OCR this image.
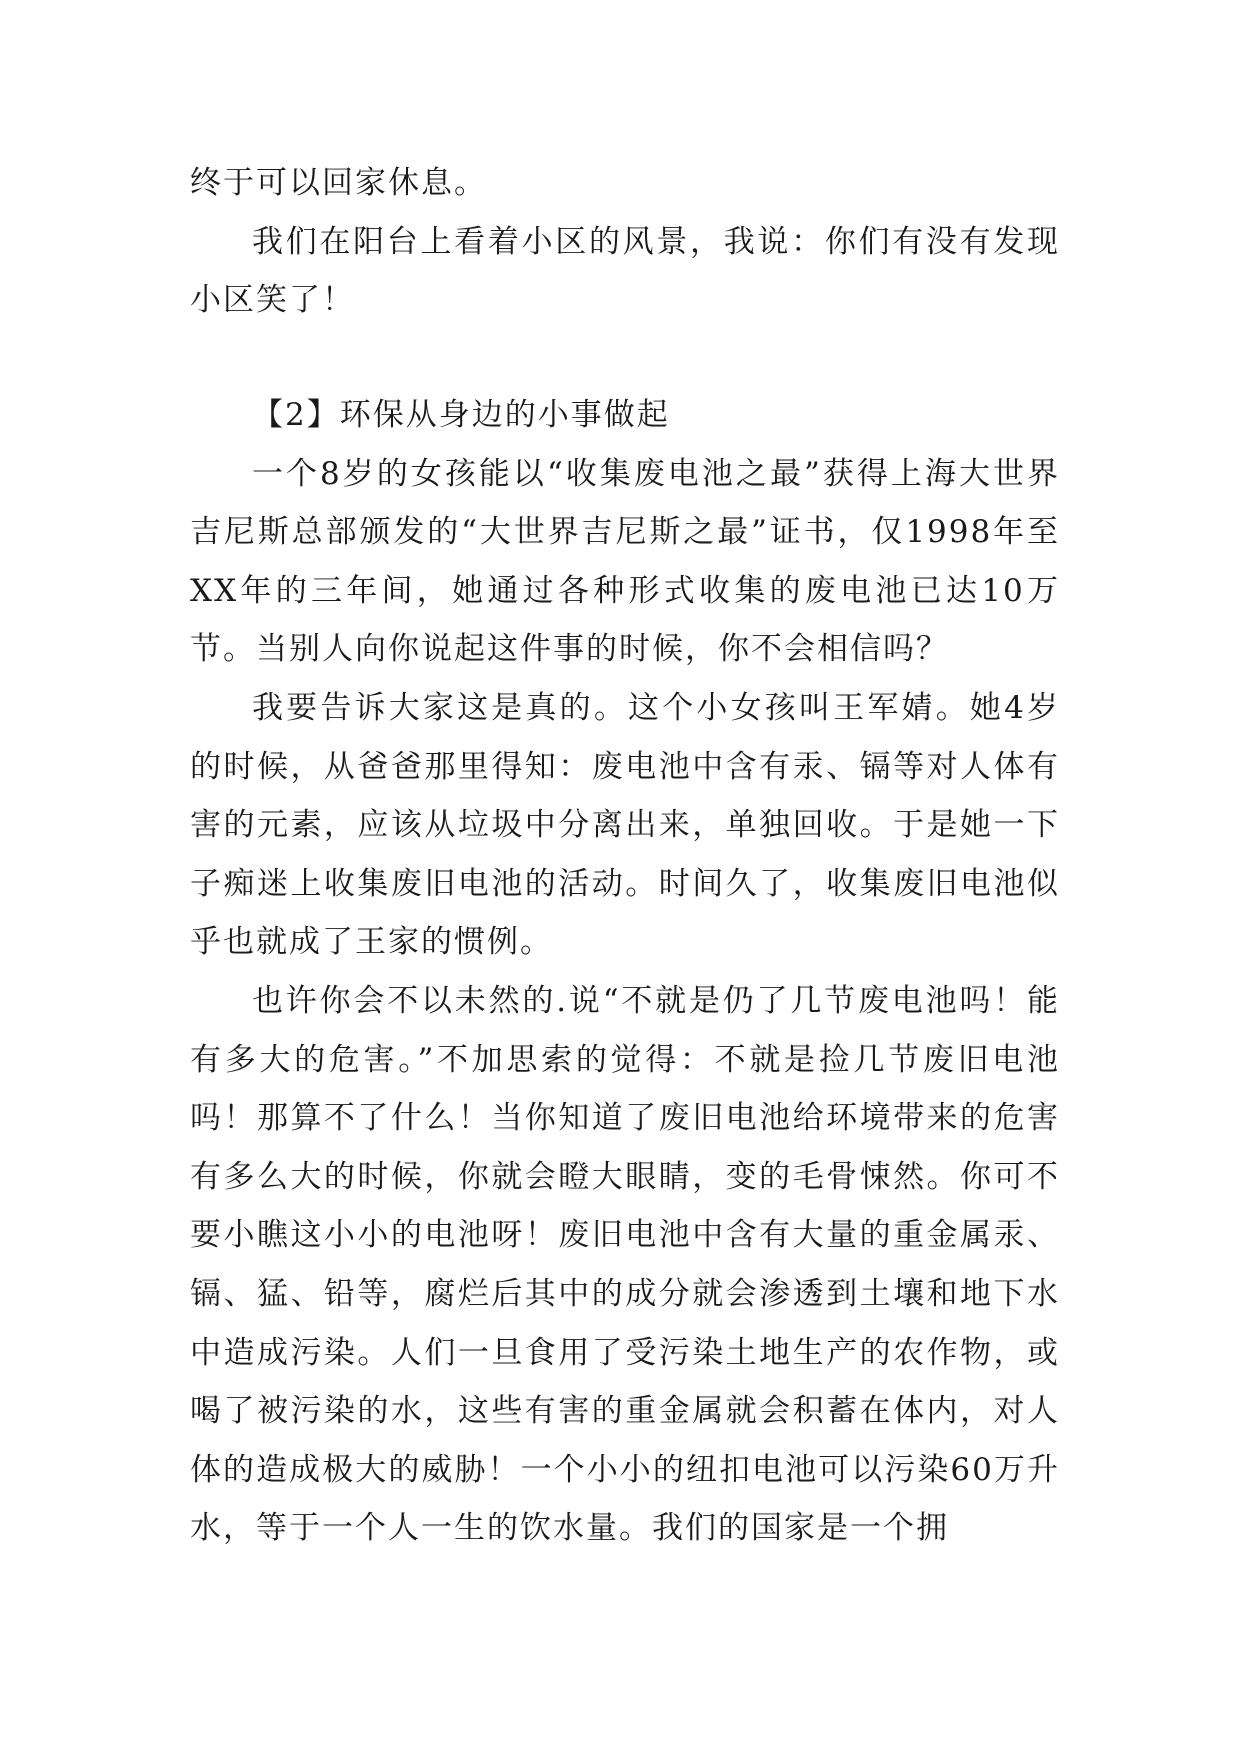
终于可以回家休息。

我们在阳台上看着小区的风景，我说：你们有没有发现小区笑了！

【2】环保从身边的小事做起

一个8岁的女孩能以“收集废电池之最”获得上海大世界吉尼斯总部颁发的“大世界吉尼斯之最”证书，仅1998年至XX年的三年间，她通过各种形式收集的废电池已达10万节。当别人向你说起这件事的时候，你不会相信吗？

我要告诉大家这是真的。这个小女孩叫王军婧。她4岁的时候，从爸爸那里得知：废电池中含有汞、镉等对人体有害的元素，应该从垃圾中分离出来，单独回收。于是她一下子痴迷上收集废旧电池的活动。时间久了，收集废旧电池似乎也就成了王家的惯例。

也许你会不以未然的.说“不就是仍了几节废电池吗！能有多大的危害。”不加思索的觉得：不就是捡几节废旧电池吗！那算不了什么！当你知道了废旧电池给环境带来的危害有多么大的时候，你就会瞪大眼睛，变的毛骨悚然。你可不要小瞧这小小的电池呀！废旧电池中含有大量的重金属汞、镉、猛、铅等，腐烂后其中的成分就会渗透到土壤和地下水中造成污染。人们一旦食用了受污染土地生产的农作物，或喝了被污染的水，这些有害的重金属就会积蓄在体内，对人体的造成极大的威胁！一个小小的纽扣电池可以污染60万升水，等于一个人一生的饮水量。我们的国家是一个拥
